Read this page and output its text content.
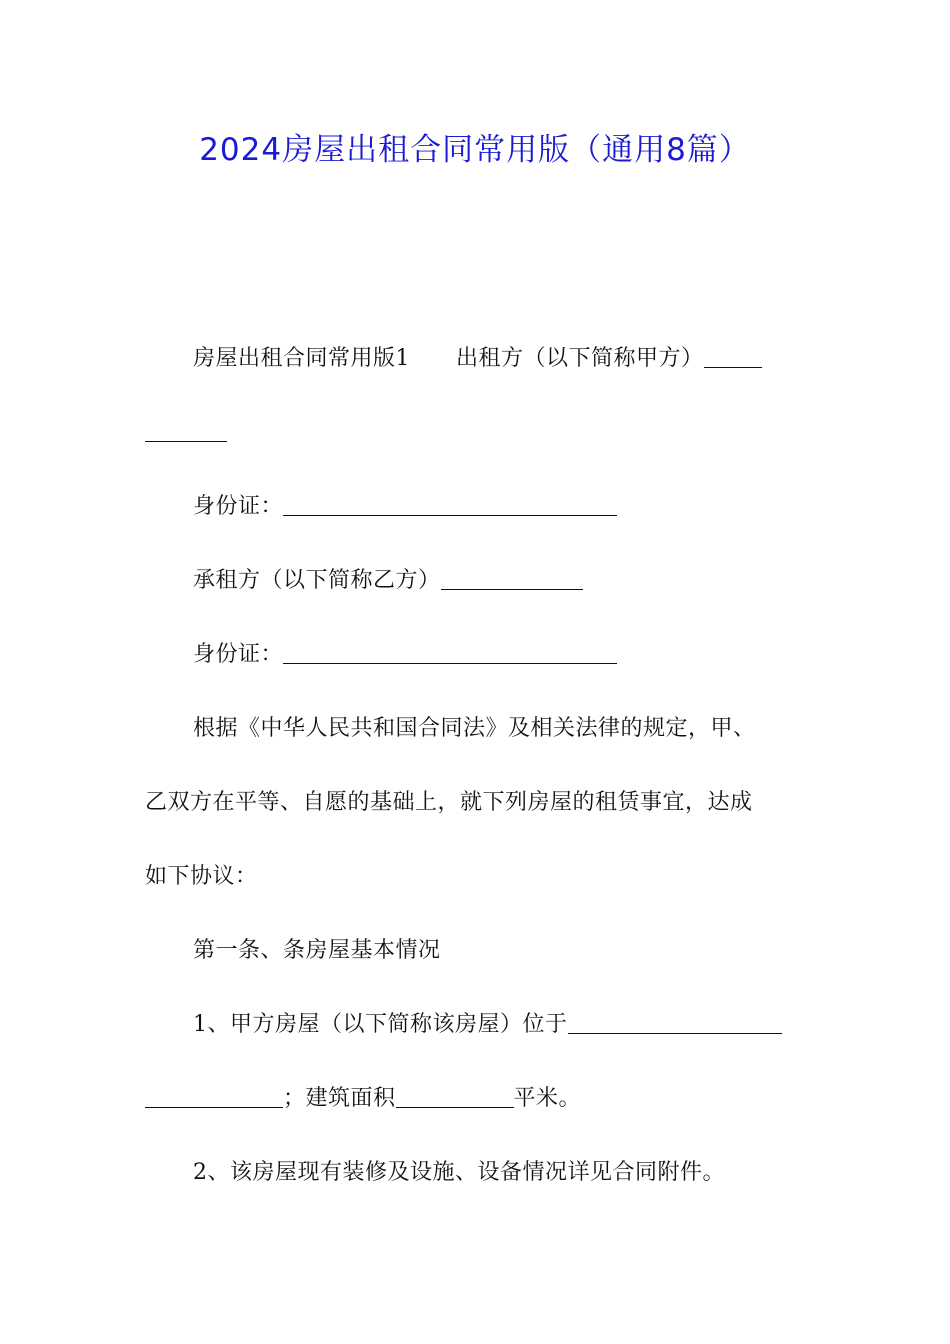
2024房屋出租合同常用版（通用8篇）
房屋出租合同常用版1 出租方（以下简称甲方）
身份证：
承租方（以下简称乙方）
身份证：
根据《中华人民共和国合同法》及相关法律的规定，甲、
乙双方在平等、自愿的基础上，就下列房屋的租赁事宜，达成
如下协议：
第一条、条房屋基本情况
1、甲方房屋（以下简称该房屋）位于
；建筑面积	平米。
2、该房屋现有装修及设施、设备情况详见合同附件。
